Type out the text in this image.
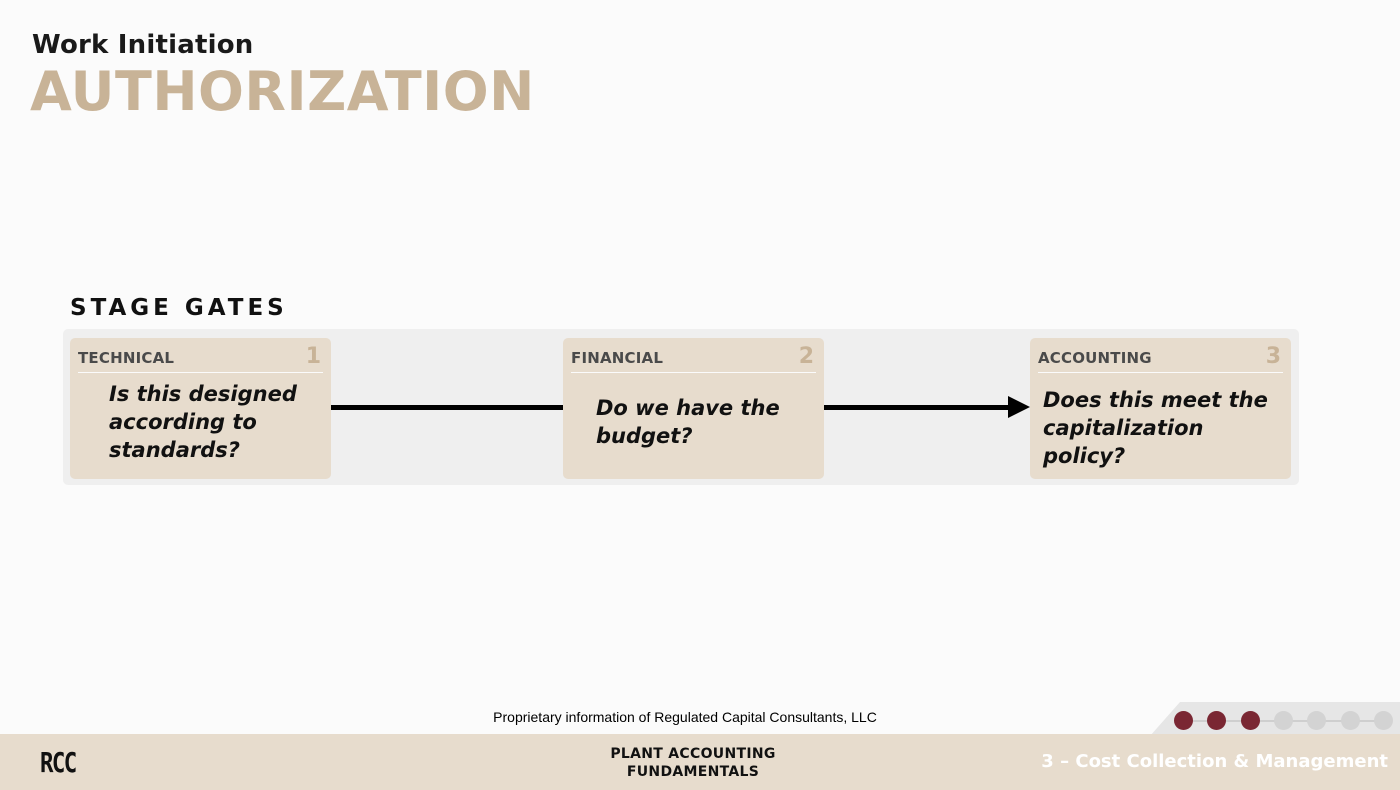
Work Initiation
AUTHORIZATION
STAGE GATES
TECHNICAL	1
Is this designed
according to
standards?
FINANCIAL	2
Do we have the
budget?
ACCOUNTING	3
Does this meet the
capitalization
policy?
Proprietary information of Regulated Capital Consultants, LLC
RCC	PLANT ACCOUNTING
FUNDAMENTALS	3 – Cost Collection & Management
